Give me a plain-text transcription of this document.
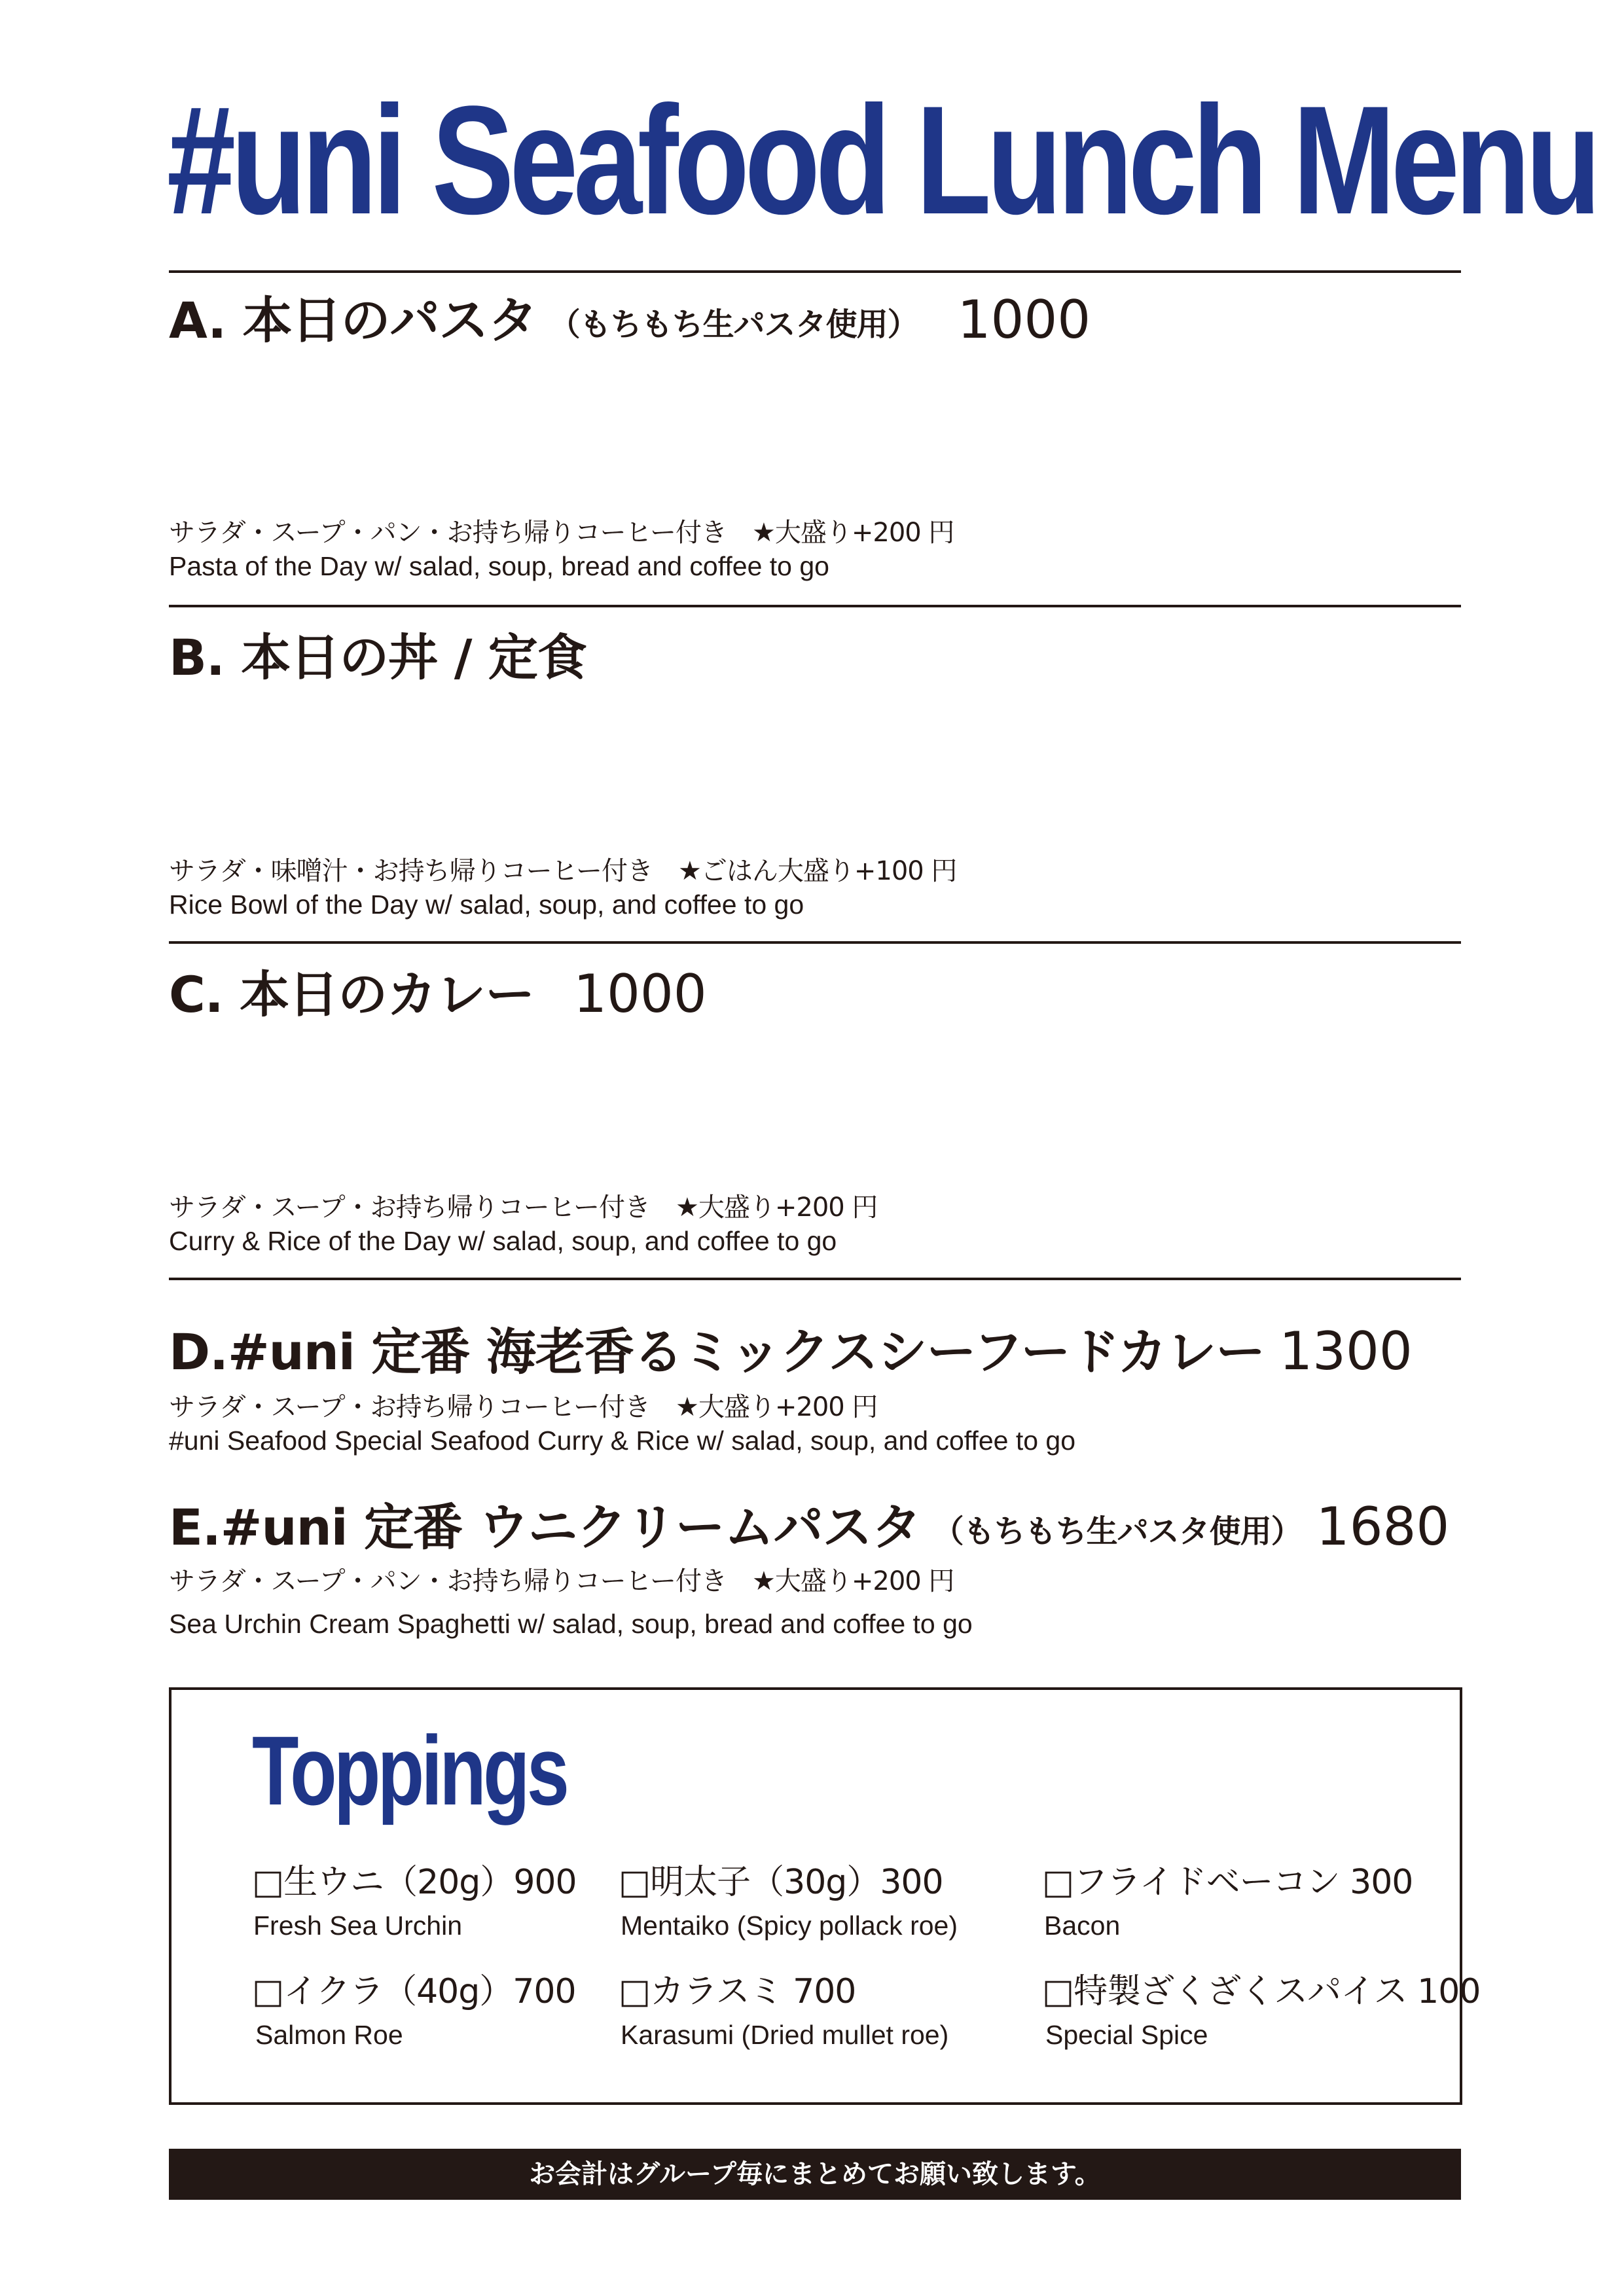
#uni Seafood Lunch Menu
A. 本日のパスタ （もちもち生パスタ使用） 1000
サラダ・スープ・パン・お持ち帰りコーヒー付き　★大盛り+200 円
Pasta of the Day w/ salad, soup, bread and coffee to go
B. 本日の丼 / 定食
サラダ・味噌汁・お持ち帰りコーヒー付き　★ごはん大盛り+100 円
Rice Bowl of the Day w/ salad, soup, and coffee to go
C. 本日のカレー 1000
サラダ・スープ・お持ち帰りコーヒー付き　★大盛り+200 円
Curry & Rice of the Day w/ salad, soup, and coffee to go
D.#uni 定番 海老香るミックスシーフードカレー 1300
サラダ・スープ・お持ち帰りコーヒー付き　★大盛り+200 円
#uni Seafood Special Seafood Curry & Rice w/ salad, soup, and coffee to go
E.#uni 定番 ウニクリームパスタ （もちもち生パスタ使用） 1680
サラダ・スープ・パン・お持ち帰りコーヒー付き　★大盛り+200 円
Sea Urchin Cream Spaghetti w/ salad, soup, bread and coffee to go
Toppings
□生ウニ（20g）900
Fresh Sea Urchin
□明太子（30g）300
Mentaiko (Spicy pollack roe)
□フライドベーコン 300
Bacon
□イクラ（40g）700
Salmon Roe
□カラスミ 700
Karasumi (Dried mullet roe)
□特製ざくざくスパイス 100
Special Spice
お会計はグループ毎にまとめてお願い致します。
